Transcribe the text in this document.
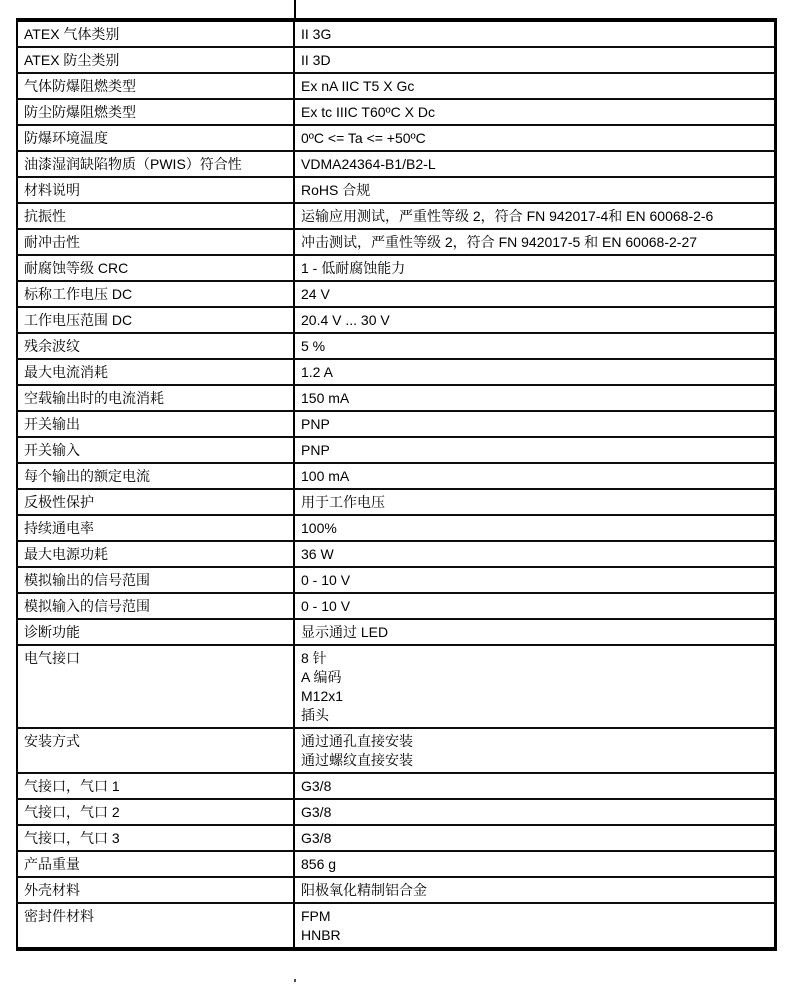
ATEX 气体类别	II 3G

ATEX 防尘类别	II 3D

气体防爆阻燃类型	Ex nA IIC T5 X Gc

防尘防爆阻燃类型	Ex tc IIIC T60ºC X Dc

防爆环境温度	0ºC <= Ta <= +50ºC

油漆湿润缺陷物质（PWIS）符合性	VDMA24364-B1/B2-L

材料说明	RoHS 合规

抗振性	运输应用测试，严重性等级 2，符合 FN 942017-4和 EN 60068-2-6

耐冲击性	冲击测试，严重性等级 2，符合 FN 942017-5 和 EN 60068-2-27

耐腐蚀等级 CRC	1 - 低耐腐蚀能力

标称工作电压 DC	24 V

工作电压范围 DC	20.4 V ... 30 V

残余波纹	5 %

最大电流消耗	1.2 A

空载输出时的电流消耗	150 mA

开关输出	PNP

开关输入	PNP

每个输出的额定电流	100 mA

反极性保护	用于工作电压

持续通电率	100%

最大电源功耗	36 W

模拟输出的信号范围	0 - 10 V

模拟输入的信号范围	0 - 10 V

诊断功能	显示通过 LED

电气接口	8 针
A 编码
M12x1
插头

安装方式	通过通孔直接安装
通过螺纹直接安装

气接口，气口 1	G3/8

气接口，气口 2	G3/8

气接口，气口 3	G3/8

产品重量	856 g

外壳材料	阳极氧化精制铝合金

密封件材料	FPM
HNBR
